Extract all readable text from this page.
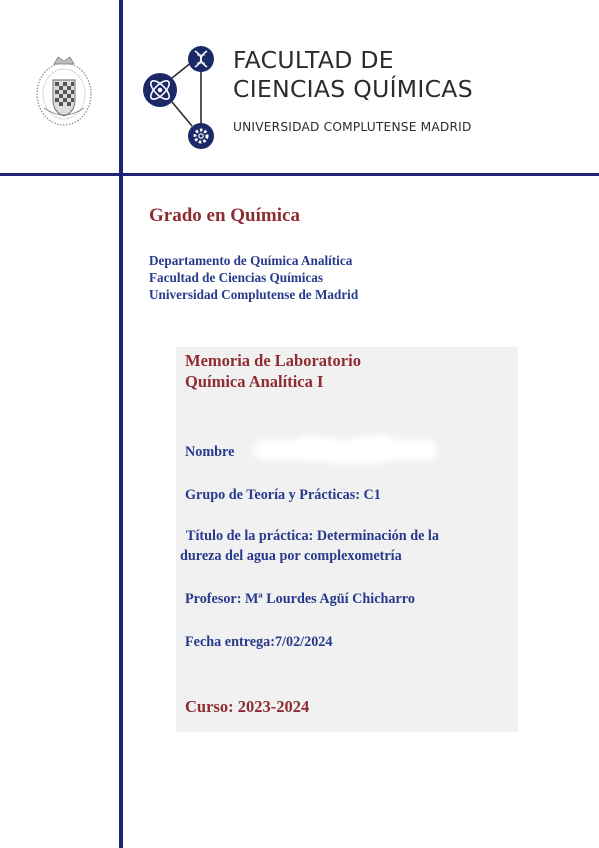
FACULTAD DE
CIENCIAS QUÍMICAS
UNIVERSIDAD COMPLUTENSE MADRID
Grado en Química
Departamento de Química Analítica
Facultad de Ciencias Químicas
Universidad Complutense de Madrid
Memoria de Laboratorio
Química Analítica I
Nombre
Grupo de Teoría y Prácticas: C1
Título de la práctica: Determinación de la
dureza del agua por complexometría
Profesor: Mª Lourdes Agüí Chicharro
Fecha entrega:7/02/2024
Curso: 2023-2024
